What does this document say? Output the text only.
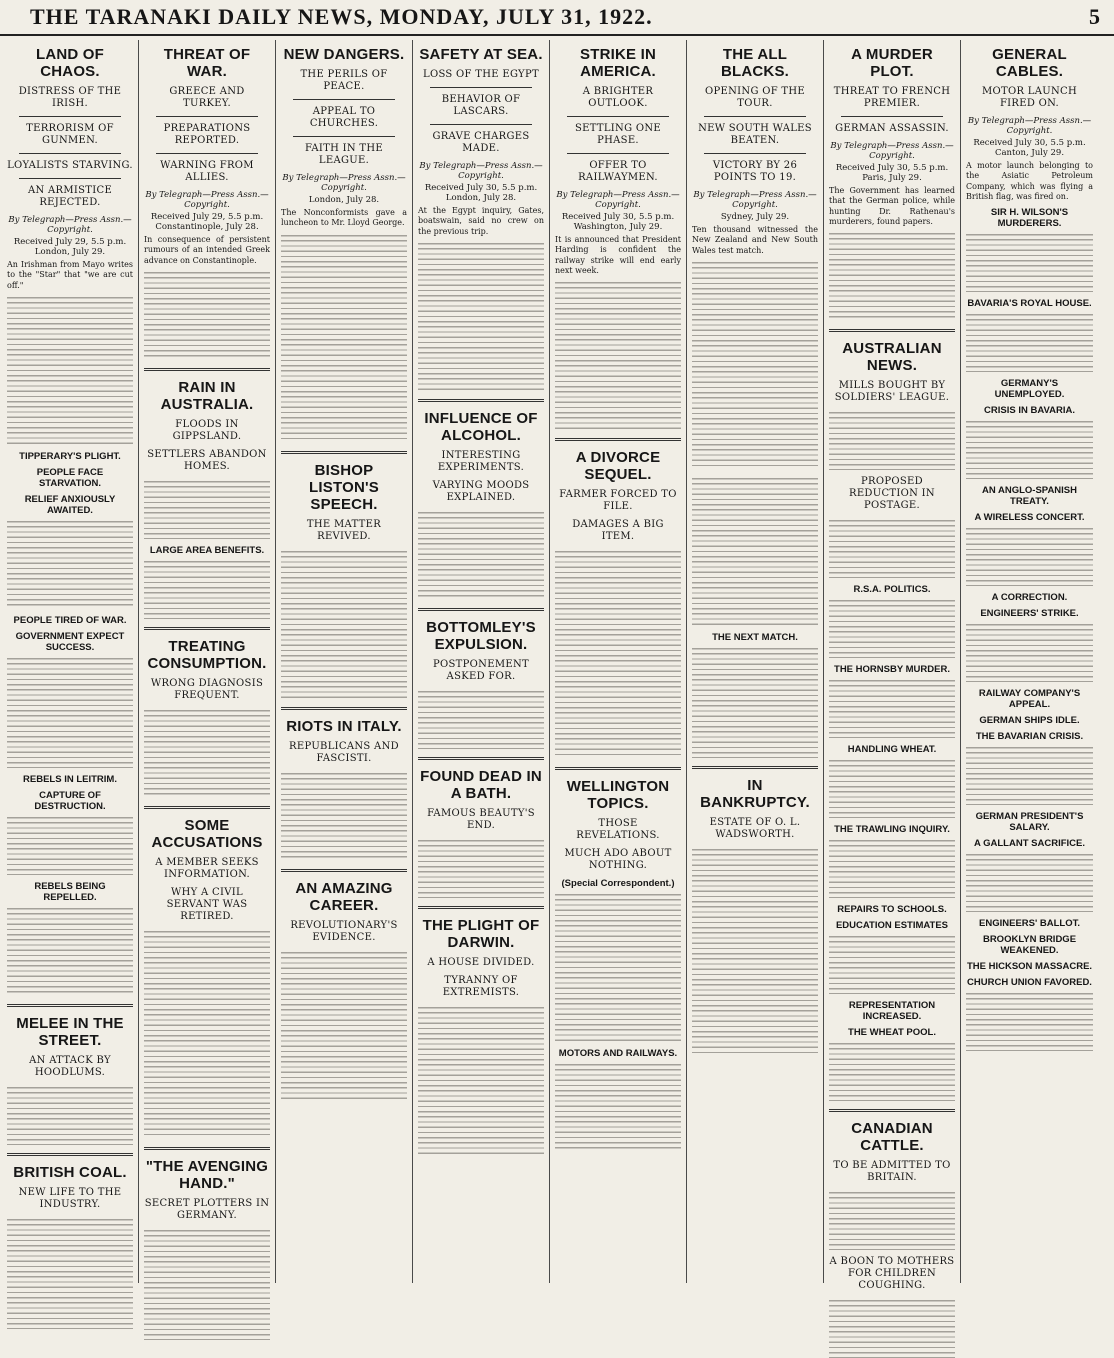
THE TARANAKI DAILY NEWS, MONDAY, JULY 31, 1922.	5
LAND OF CHAOS.
DISTRESS OF THE IRISH.
TERRORISM OF GUNMEN.
LOYALISTS STARVING.
AN ARMISTICE REJECTED.
By Telegraph—Press Assn.—Copyright.
Received July 29, 5.5 p.m. London, July 29.
An Irishman from Mayo writes to the "Star" that "we are cut off."
TIPPERARY'S PLIGHT.
PEOPLE FACE STARVATION.
RELIEF ANXIOUSLY AWAITED.
PEOPLE TIRED OF WAR.
GOVERNMENT EXPECT SUCCESS.
REBELS IN LEITRIM.
CAPTURE OF DESTRUCTION.
REBELS BEING REPELLED.
MELEE IN THE STREET.
AN ATTACK BY HOODLUMS.
BRITISH COAL.
NEW LIFE TO THE INDUSTRY.
THREAT OF WAR.
GREECE AND TURKEY.
PREPARATIONS REPORTED.
WARNING FROM ALLIES.
By Telegraph—Press Assn.—Copyright.
Received July 29, 5.5 p.m. Constantinople, July 28.
In consequence of persistent rumours of an intended Greek advance on Constantinople.
RAIN IN AUSTRALIA.
FLOODS IN GIPPSLAND.
SETTLERS ABANDON HOMES.
LARGE AREA BENEFITS.
TREATING CONSUMPTION.
WRONG DIAGNOSIS FREQUENT.
SOME ACCUSATIONS
A MEMBER SEEKS INFORMATION.
WHY A CIVIL SERVANT WAS RETIRED.
"THE AVENGING HAND."
SECRET PLOTTERS IN GERMANY.
NEW DANGERS.
THE PERILS OF PEACE.
APPEAL TO CHURCHES.
FAITH IN THE LEAGUE.
By Telegraph—Press Assn.—Copyright.
London, July 28.
The Nonconformists gave a luncheon to Mr. Lloyd George.
BISHOP LISTON'S SPEECH.
THE MATTER REVIVED.
RIOTS IN ITALY.
REPUBLICANS AND FASCISTI.
AN AMAZING CAREER.
REVOLUTIONARY'S EVIDENCE.
SAFETY AT SEA.
LOSS OF THE EGYPT
BEHAVIOR OF LASCARS.
GRAVE CHARGES MADE.
By Telegraph—Press Assn.—Copyright.
Received July 30, 5.5 p.m. London, July 28.
At the Egypt inquiry, Gates, boatswain, said no crew on the previous trip.
INFLUENCE OF ALCOHOL.
INTERESTING EXPERIMENTS.
VARYING MOODS EXPLAINED.
BOTTOMLEY'S EXPULSION.
POSTPONEMENT ASKED FOR.
FOUND DEAD IN A BATH.
FAMOUS BEAUTY'S END.
THE PLIGHT OF DARWIN.
A HOUSE DIVIDED.
TYRANNY OF EXTREMISTS.
STRIKE IN AMERICA.
A BRIGHTER OUTLOOK.
SETTLING ONE PHASE.
OFFER TO RAILWAYMEN.
By Telegraph—Press Assn.—Copyright.
Received July 30, 5.5 p.m. Washington, July 29.
It is announced that President Harding is confident the railway strike will end early next week.
A DIVORCE SEQUEL.
FARMER FORCED TO FILE.
DAMAGES A BIG ITEM.
WELLINGTON TOPICS.
THOSE REVELATIONS.
MUCH ADO ABOUT NOTHING.
(Special Correspondent.)
MOTORS AND RAILWAYS.
THE ALL BLACKS.
OPENING OF THE TOUR.
NEW SOUTH WALES BEATEN.
VICTORY BY 26 POINTS TO 19.
By Telegraph—Press Assn.—Copyright.
Sydney, July 29.
Ten thousand witnessed the New Zealand and New South Wales test match.
THE NEXT MATCH.
IN BANKRUPTCY.
ESTATE OF O. L. WADSWORTH.
A MURDER PLOT.
THREAT TO FRENCH PREMIER.
GERMAN ASSASSIN.
By Telegraph—Press Assn.—Copyright.
Received July 30, 5.5 p.m. Paris, July 29.
The Government has learned that the German police, while hunting Dr. Rathenau's murderers, found papers.
AUSTRALIAN NEWS.
MILLS BOUGHT BY SOLDIERS' LEAGUE.
PROPOSED REDUCTION IN POSTAGE.
R.S.A. POLITICS.
THE HORNSBY MURDER.
HANDLING WHEAT.
THE TRAWLING INQUIRY.
REPAIRS TO SCHOOLS.
EDUCATION ESTIMATES
REPRESENTATION INCREASED.
THE WHEAT POOL.
CANADIAN CATTLE.
TO BE ADMITTED TO BRITAIN.
A BOON TO MOTHERS FOR CHILDREN COUGHING.
GENERAL CABLES.
MOTOR LAUNCH FIRED ON.
By Telegraph—Press Assn.—Copyright.
Received July 30, 5.5 p.m. Canton, July 29.
A motor launch belonging to the Asiatic Petroleum Company, which was flying a British flag, was fired on.
SIR H. WILSON'S MURDERERS.
BAVARIA'S ROYAL HOUSE.
GERMANY'S UNEMPLOYED.
CRISIS IN BAVARIA.
AN ANGLO-SPANISH TREATY.
A WIRELESS CONCERT.
A CORRECTION.
ENGINEERS' STRIKE.
RAILWAY COMPANY'S APPEAL.
GERMAN SHIPS IDLE.
THE BAVARIAN CRISIS.
GERMAN PRESIDENT'S SALARY.
A GALLANT SACRIFICE.
ENGINEERS' BALLOT.
BROOKLYN BRIDGE WEAKENED.
THE HICKSON MASSACRE.
CHURCH UNION FAVORED.
